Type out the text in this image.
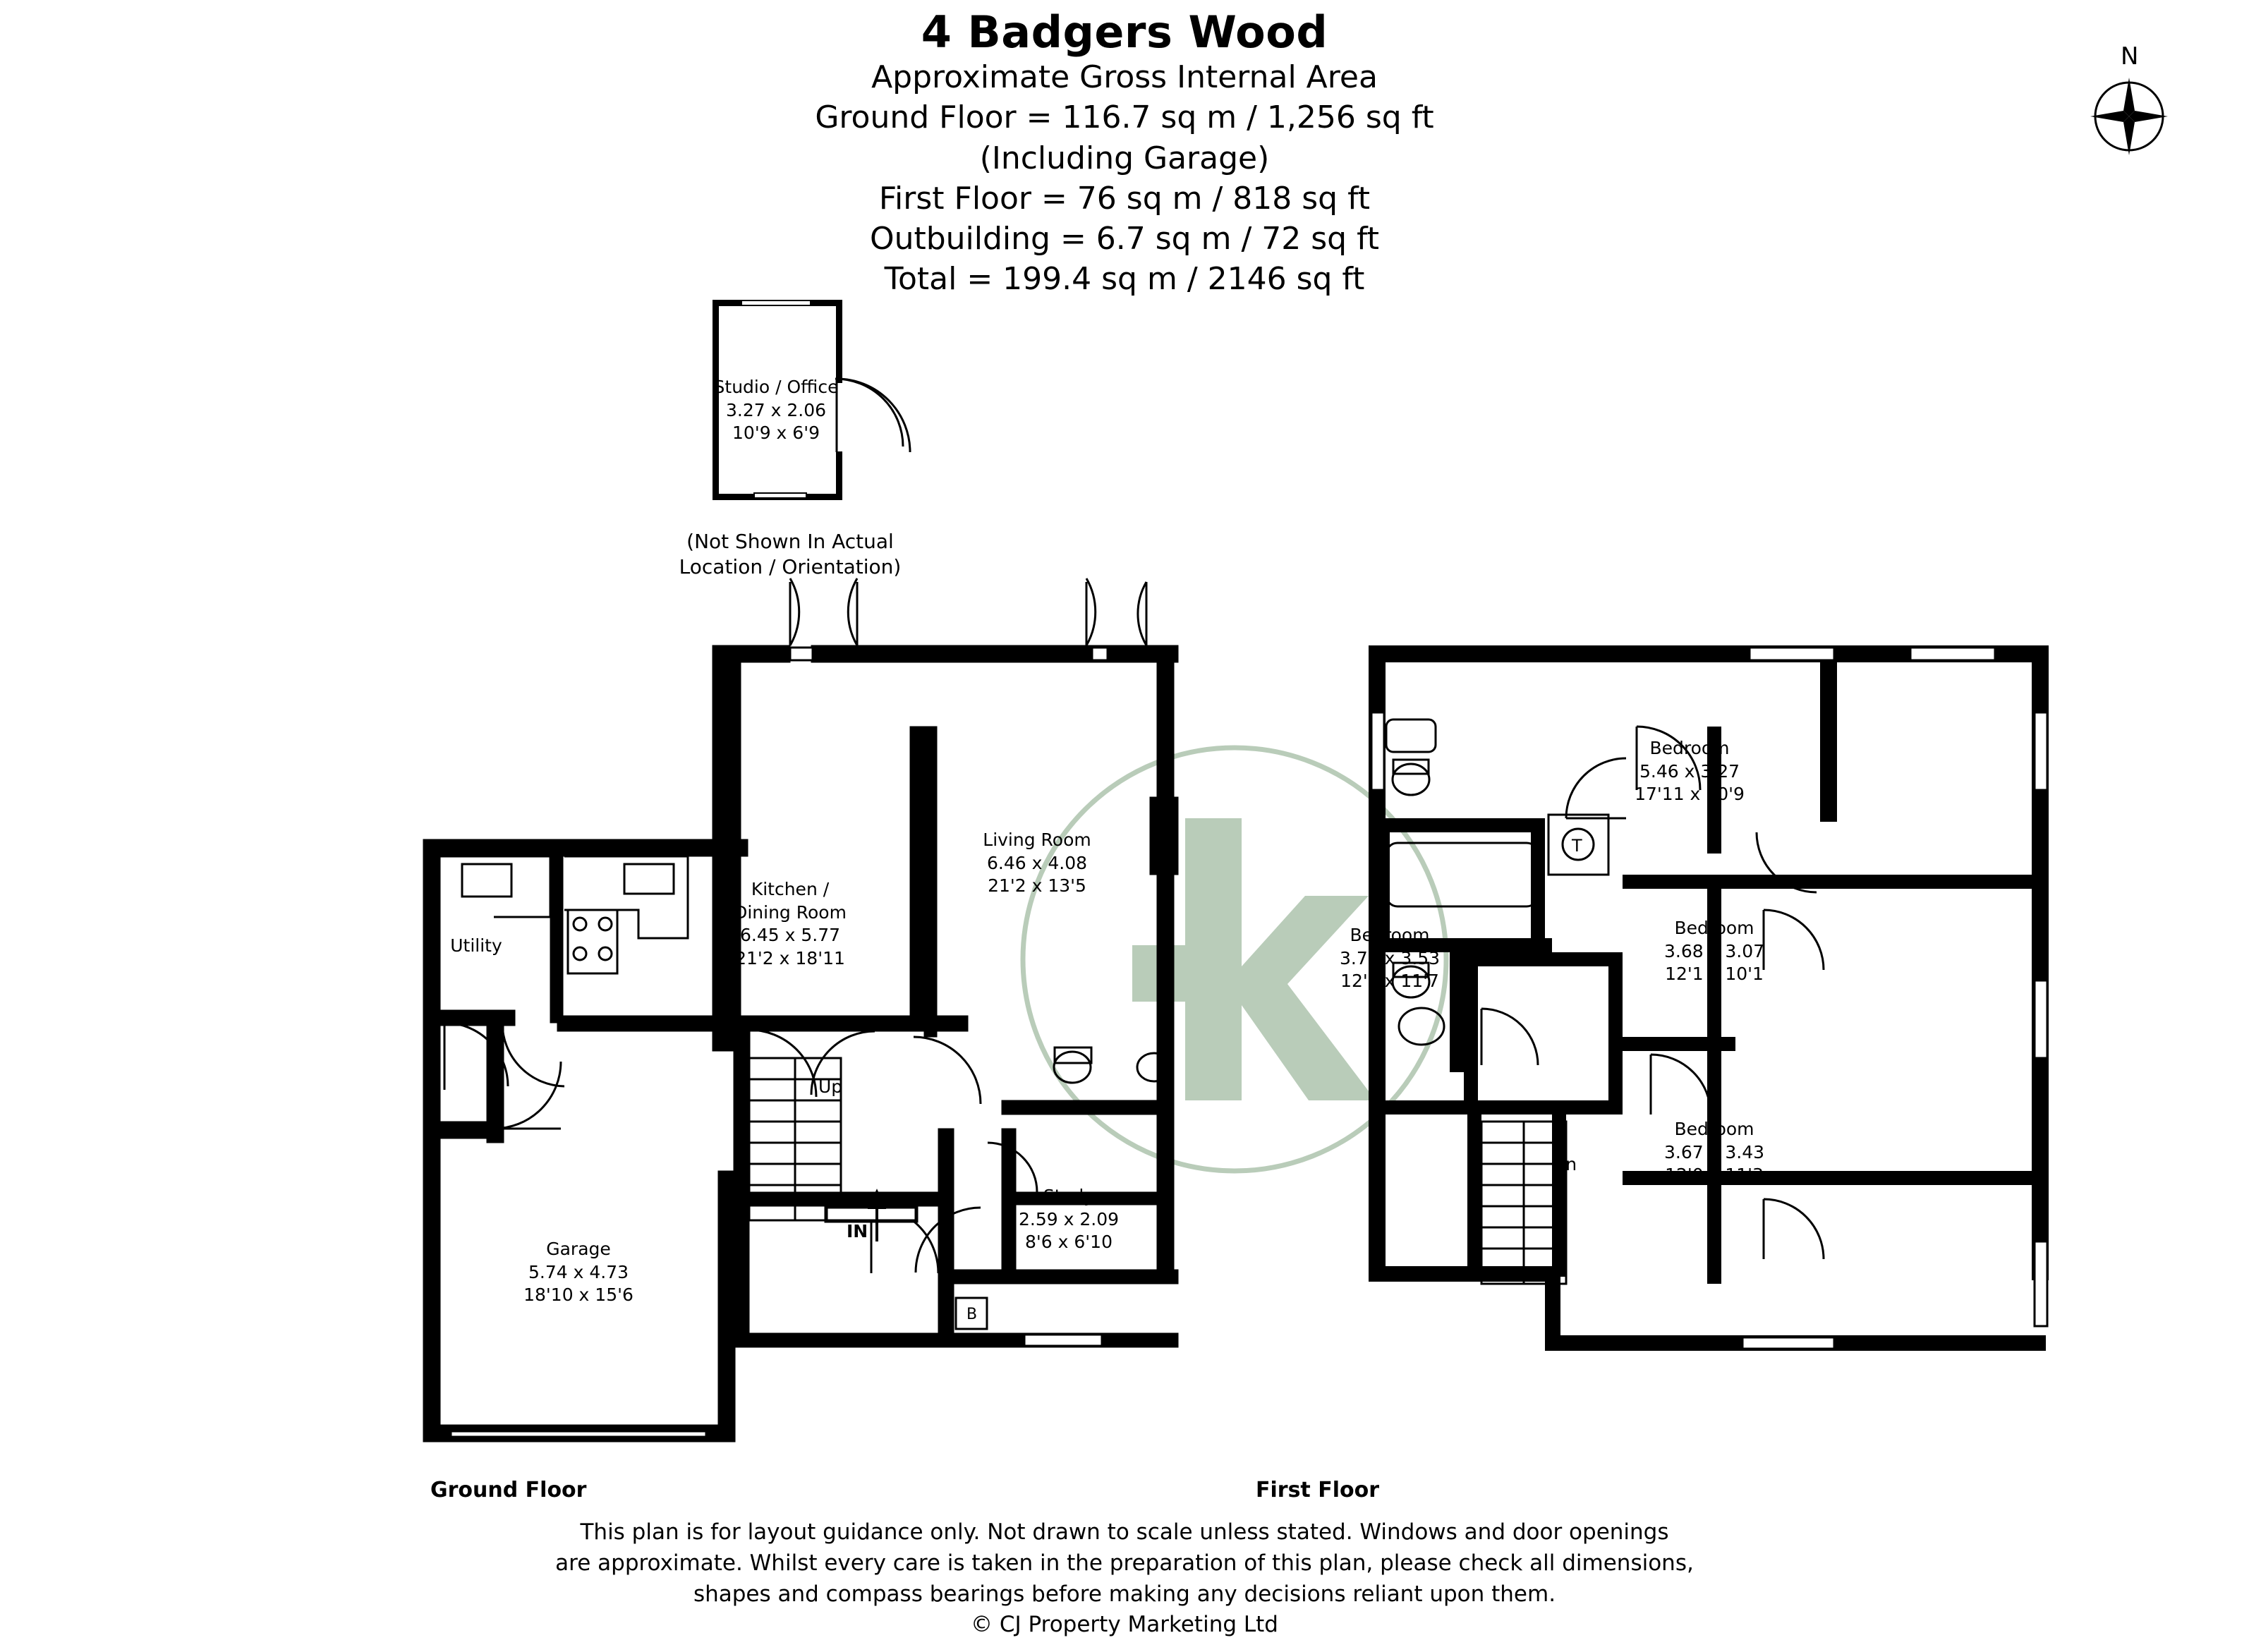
4 Badgers Wood
Approximate Gross Internal Area
Ground Floor = 116.7 sq m / 1,256 sq ft
(Including Garage)
First Floor = 76 sq m / 818 sq ft
Outbuilding = 6.7 sq m / 72 sq ft
Total = 199.4 sq m / 2146 sq ft
N
Studio / Office
3.27 x 2.06
10'9 x 6'9
(Not Shown In Actual
Location / Orientation)
B
Utility
Kitchen /
Dining Room
6.45 x 5.77
21'2 x 18'11
Living Room
6.46 x 4.08
21'2 x 13'5
Study
2.59 x 2.09
8'6 x 6'10
Garage
5.74 x 4.73
18'10 x 15'6
Up
IN
T
Bedroom
5.46 x 3.27
17'11 x 10'9
Bedroom
3.68 x 3.07
12'1 x 10'1
Bedroom
3.67 x 3.43
12'0 x 11'3
Bedroom
3.71 x 3.53
12'2 x 11'7
Dn
Ground Floor	First Floor
This plan is for layout guidance only. Not drawn to scale unless stated. Windows and door openings
are approximate. Whilst every care is taken in the preparation of this plan, please check all dimensions,
shapes and compass bearings before making any decisions reliant upon them.
© CJ Property Marketing Ltd
